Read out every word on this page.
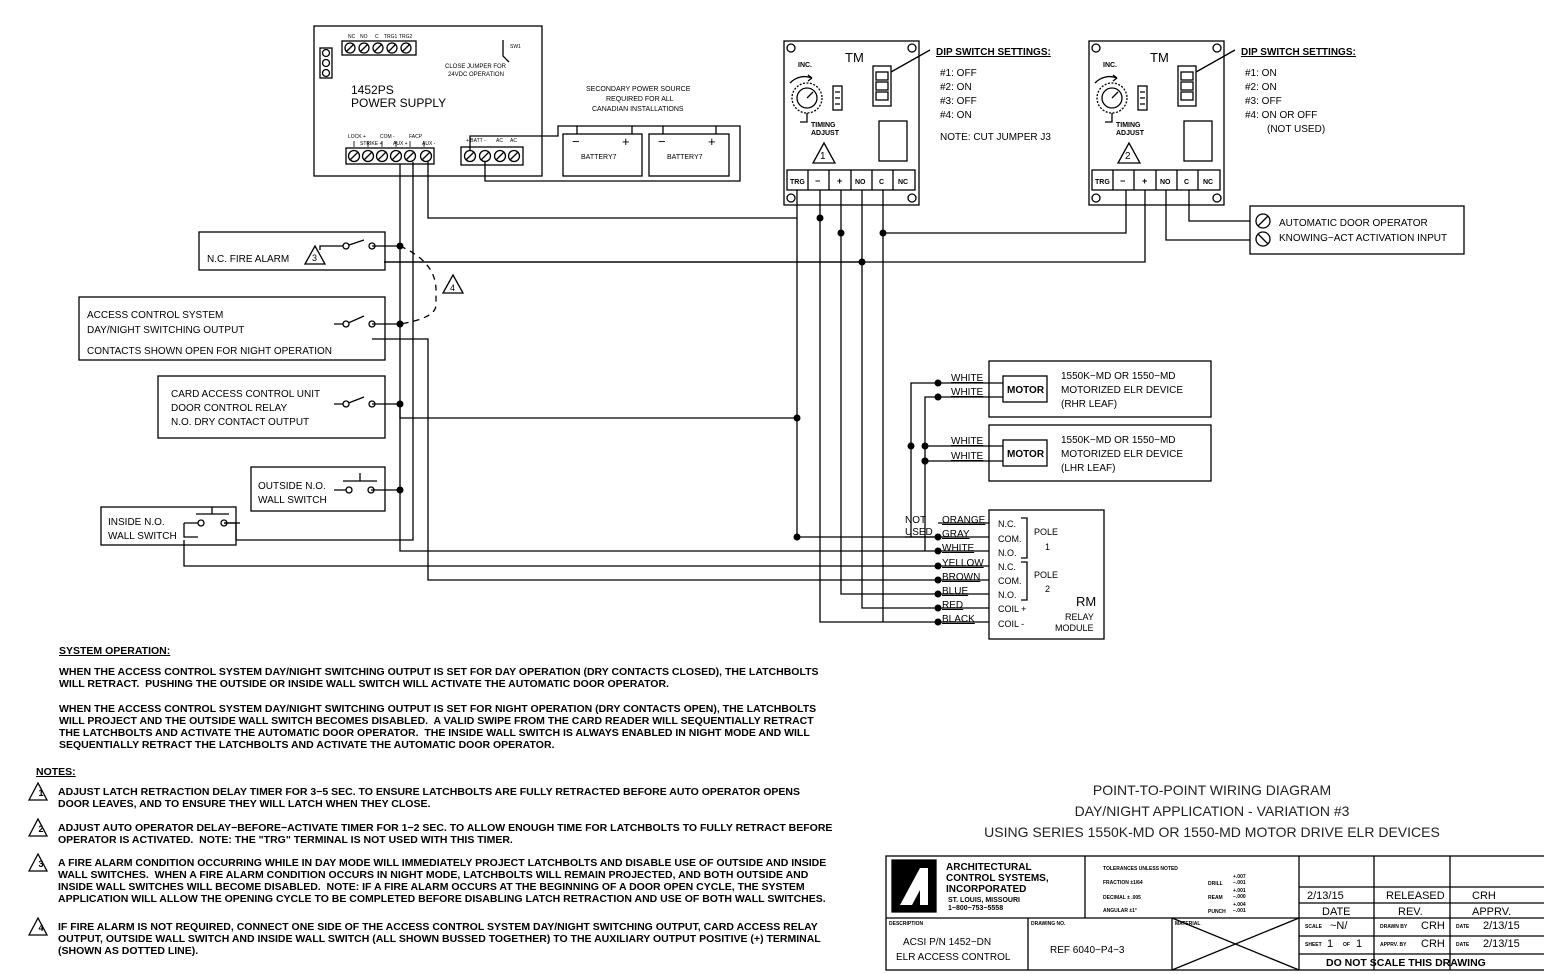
NC NO C TRG1 TRG2
SW1
CLOSE JUMPER FOR
24VDC OPERATION
1452PS
POWER SUPPLY
LOCK +	COM -	FACP
STRIKE + AUX +	AUX -	+ BATT - AC AC
SECONDARY POWER SOURCE
REQUIRED FOR ALL
CANADIAN INSTALLATIONS
BATTERY7	BATTERY7
−	+ −	+
TM
INC.
TIMING
ADJUST
1
TRG − + NO C NC
DIP SWITCH SETTINGS:
#1: OFF
#2: ON
#3: OFF
#4: ON
NOTE: CUT JUMPER J3
TM
INC.
TIMING
ADJUST
2
TRG − + NO C NC
DIP SWITCH SETTINGS:
#1: ON
#2: ON
#3: OFF
#4: ON OR OFF
(NOT USED)
AUTOMATIC DOOR OPERATOR
KNOWING−ACT ACTIVATION INPUT
N.C. FIRE ALARM	3
ACCESS CONTROL SYSTEM
DAY/NIGHT SWITCHING OUTPUT
CONTACTS SHOWN OPEN FOR NIGHT OPERATION
CARD ACCESS CONTROL UNIT
DOOR CONTROL RELAY
N.O. DRY CONTACT OUTPUT
OUTSIDE N.O.
WALL SWITCH
INSIDE N.O.
WALL SWITCH
MOTOR
WHITE
WHITE
1550K−MD OR 1550−MD
MOTORIZED ELR DEVICE
(RHR LEAF)
MOTOR
WHITE
WHITE
1550K−MD OR 1550−MD
MOTORIZED ELR DEVICE
(LHR LEAF)
NOT
USED
ORANGE
GRAY
WHITE
YELLOW
BROWN
BLUE
RED
BLACK
N.C.
COM.
N.O.
N.C.
COM.
N.O.
COIL +
COIL -
POLE
1
POLE
2
RM
RELAY
MODULE
4
SYSTEM OPERATION:
WHEN THE ACCESS CONTROL SYSTEM DAY/NIGHT SWITCHING OUTPUT IS SET FOR DAY OPERATION (DRY CONTACTS CLOSED), THE LATCHBOLTS
WILL RETRACT.  PUSHING THE OUTSIDE OR INSIDE WALL SWITCH WILL ACTIVATE THE AUTOMATIC DOOR OPERATOR.
WHEN THE ACCESS CONTROL SYSTEM DAY/NIGHT SWITCHING OUTPUT IS SET FOR NIGHT OPERATION (DRY CONTACTS OPEN), THE LATCHBOLTS
WILL PROJECT AND THE OUTSIDE WALL SWITCH BECOMES DISABLED.  A VALID SWIPE FROM THE CARD READER WILL SEQUENTIALLY RETRACT
THE LATCHBOLTS AND ACTIVATE THE AUTOMATIC DOOR OPERATOR.  THE INSIDE WALL SWITCH IS ALWAYS ENABLED IN NIGHT MODE AND WILL
SEQUENTIALLY RETRACT THE LATCHBOLTS AND ACTIVATE THE AUTOMATIC DOOR OPERATOR.
NOTES:
1 ADJUST LATCH RETRACTION DELAY TIMER FOR 3−5 SEC. TO ENSURE LATCHBOLTS ARE FULLY RETRACTED BEFORE AUTO OPERATOR OPENS
DOOR LEAVES, AND TO ENSURE THEY WILL LATCH WHEN THEY CLOSE.
2 ADJUST AUTO OPERATOR DELAY−BEFORE−ACTIVATE TIMER FOR 1−2 SEC. TO ALLOW ENOUGH TIME FOR LATCHBOLTS TO FULLY RETRACT BEFORE
OPERATOR IS ACTIVATED.  NOTE: THE "TRG" TERMINAL IS NOT USED WITH THIS TIMER.
3 A FIRE ALARM CONDITION OCCURRING WHILE IN DAY MODE WILL IMMEDIATELY PROJECT LATCHBOLTS AND DISABLE USE OF OUTSIDE AND INSIDE
WALL SWITCHES.  WHEN A FIRE ALARM CONDITION OCCURS IN NIGHT MODE, LATCHBOLTS WILL REMAIN PROJECTED, AND BOTH OUTSIDE AND
INSIDE WALL SWITCHES WILL BECOME DISABLED.  NOTE: IF A FIRE ALARM OCCURS AT THE BEGINNING OF A DOOR OPEN CYCLE, THE SYSTEM
APPLICATION WILL ALLOW THE OPENING CYCLE TO BE COMPLETED BEFORE DISABLING LATCH RETRACTION AND USE OF BOTH WALL SWITCHES.
4 IF FIRE ALARM IS NOT REQUIRED, CONNECT ONE SIDE OF THE ACCESS CONTROL SYSTEM DAY/NIGHT SWITCHING OUTPUT, CARD ACCESS RELAY
OUTPUT, OUTSIDE WALL SWITCH AND INSIDE WALL SWITCH (ALL SHOWN BUSSED TOGETHER) TO THE AUXILIARY OUTPUT POSITIVE (+) TERMINAL
(SHOWN AS DOTTED LINE).
POINT-TO-POINT WIRING DIAGRAM
DAY/NIGHT APPLICATION - VARIATION #3
USING SERIES 1550K-MD OR 1550-MD MOTOR DRIVE ELR DEVICES
ARCHITECTURAL
CONTROL SYSTEMS,
INCORPORATED
ST. LOUIS, MISSOURI
1−800−753−5558
TOLERANCES UNLESS NOTED
FRACTION ±1/64
DECIMAL ± .005
ANGULAR ±1°
DRILL
REAM
PUNCH
+.007
−.001
+.001
−.000
+.004
−.001
DESCRIPTION
ACSI P/N 1452−DN
ELR ACCESS CONTROL
DRAWING NO.
REF 6040−P4−3
MATERIAL
2/13/15	RELEASED CRH
DATE	REV.	APPRV.
SCALE ~N/	DRAWN BY CRH DATE 2/13/15
SHEET 1 OF 1	APPRV. BY CRH DATE 2/13/15
DO NOT SCALE THIS DRAWING
